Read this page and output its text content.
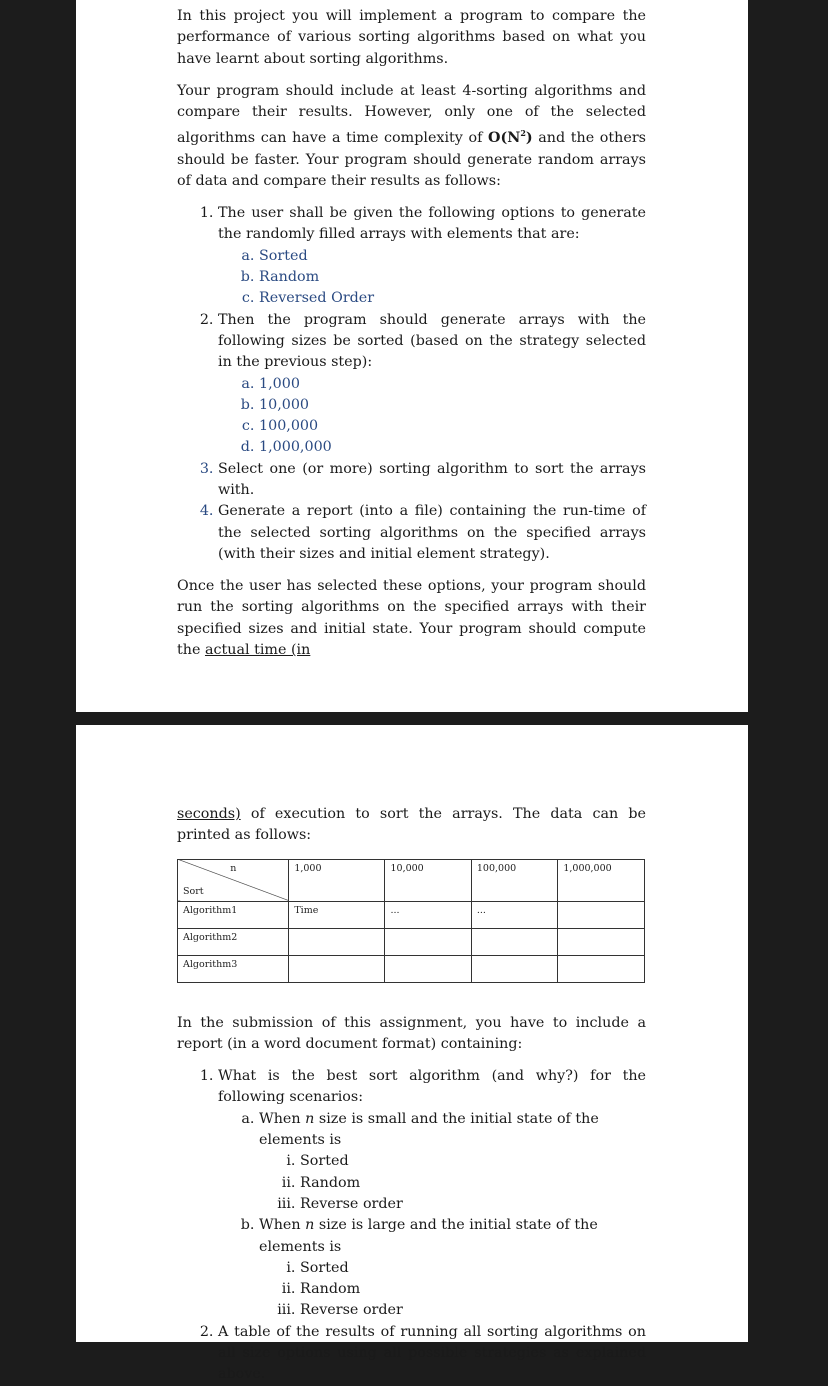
In this project you will implement a program to compare the performance of various sorting algorithms based on what you have learnt about sorting algorithms.

Your program should include at least 4-sorting algorithms and compare their results. However, only one of the selected algorithms can have a time complexity of $O(N^2)$ and the others should be faster. Your program should generate random arrays of data and compare their results as follows:

1. The user shall be given the following options to generate the randomly filled arrays with elements that are:
a. Sorted
b. Random
c. Reversed Order
2. Then the program should generate arrays with the following sizes be sorted (based on the strategy selected in the previous step):
a. 1,000
b. 10,000
c. 100,000
d. 1,000,000
3. Select one (or more) sorting algorithm to sort the arrays with.
4. Generate a report (into a file) containing the run-time of the selected sorting algorithms on the specified arrays (with their sizes and initial element strategy).

Once the user has selected these options, your program should run the sorting algorithms on the specified arrays with their specified sizes and initial state. Your program should compute the actual time (in

seconds) of execution to sort the arrays. The data can be printed as follows:

n
Sort	1,000	10,000	100,000	1,000,000
Algorithm1	Time	...	...	
Algorithm2				
Algorithm3				

In the submission of this assignment, you have to include a report (in a word document format) containing:

1. What is the best sort algorithm (and why?) for the following scenarios:
a. When n size is small and the initial state of the elements is
i. Sorted
ii. Random
iii. Reverse order
b. When n size is large and the initial state of the elements is
i. Sorted
ii. Random
iii. Reverse order
2. A table of the results of running all sorting algorithms on all size options using all possible strategies as explained above.
